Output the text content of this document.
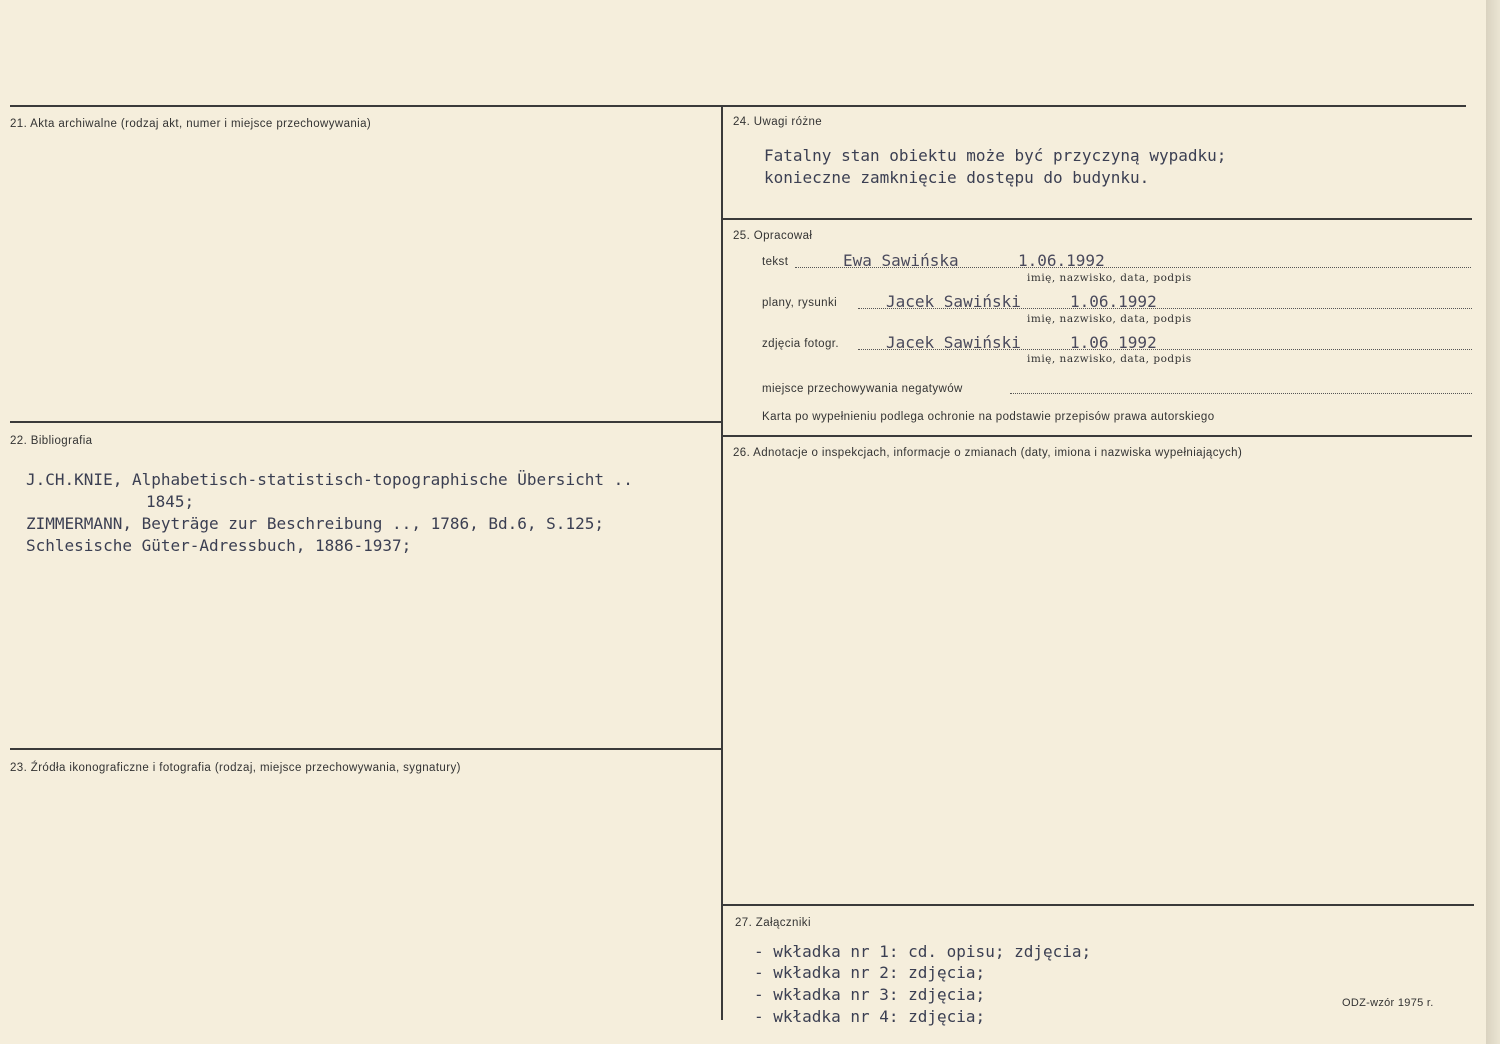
21. Akta archiwalne (rodzaj akt, numer i miejsce przechowywania)
22. Bibliografia
J.CH.KNIE, Alphabetisch-statistisch-topographische Übersicht ..
1845;
ZIMMERMANN, Beyträge zur Beschreibung .., 1786, Bd.6, S.125;
Schlesische Güter-Adressbuch, 1886-1937;
23. Źródła ikonograficzne i fotografia (rodzaj, miejsce przechowywania, sygnatury)
24. Uwagi różne
Fatalny stan obiektu może być przyczyną wypadku;
konieczne zamknięcie dostępu do budynku.
25. Opracował
tekst	Ewa Sawińska	1.06.1992
imię, nazwisko, data, podpis
plany, rysunki	Jacek Sawiński	1.06.1992
imię, nazwisko, data, podpis
zdjęcia fotogr.	Jacek Sawiński	1.06 1992
imię, nazwisko, data, podpis
miejsce przechowywania negatywów
Karta po wypełnieniu podlega ochronie na podstawie przepisów prawa autorskiego
26. Adnotacje o inspekcjach, informacje o zmianach (daty, imiona i nazwiska wypełniających)
27. Załączniki
- wkładka nr 1: cd. opisu; zdjęcia;
- wkładka nr 2: zdjęcia;
- wkładka nr 3: zdjęcia;
- wkładka nr 4: zdjęcia;
ODZ-wzór 1975 r.
